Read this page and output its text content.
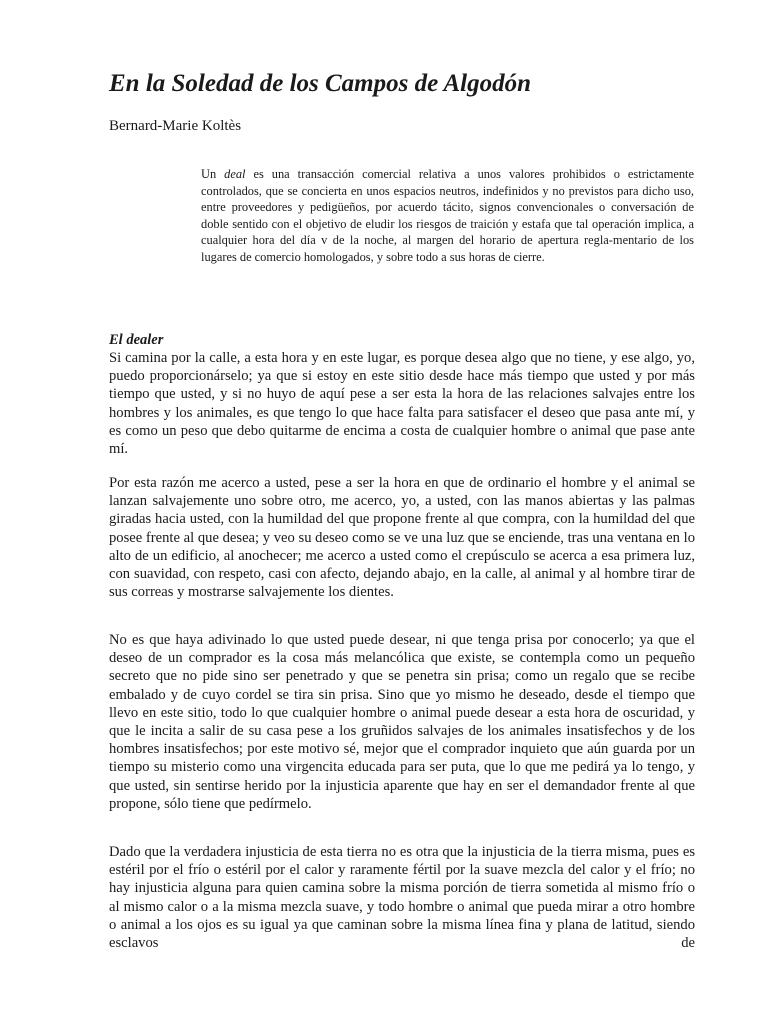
En la Soledad de los Campos de Algodón
Bernard-Marie Koltès

Un deal es una transacción comercial relativa a unos valores prohibidos o estrictamente controlados, que se concierta en unos espacios neutros, indefinidos y no previstos para dicho uso, entre proveedores y pedigüeños, por acuerdo tácito, signos convencionales o conversación de doble sentido con el objetivo de eludir los riesgos de traición y estafa que tal operación implica, a cualquier hora del día v de la noche, al margen del horario de apertura regla-mentario de los lugares de comercio homologados, y sobre todo a sus horas de cierre.

El dealer

Si camina por la calle, a esta hora y en este lugar, es porque desea algo que no tiene, y ese algo, yo, puedo proporcionárselo; ya que si estoy en este sitio desde hace más tiempo que usted y por más tiempo que usted, y si no huyo de aquí pese a ser esta la hora de las relaciones salvajes entre los hombres y los animales, es que tengo lo que hace falta para satisfacer el deseo que pasa ante mí, y es como un peso que debo quitarme de encima a costa de cualquier hombre o animal que pase ante mí.

Por esta razón me acerco a usted, pese a ser la hora en que de ordinario el hombre y el animal se lanzan salvajemente uno sobre otro, me acerco, yo, a usted, con las manos abiertas y las palmas giradas hacia usted, con la humildad del que propone frente al que compra, con la humildad del que posee frente al que desea; y veo su deseo como se ve una luz que se enciende, tras una ventana en lo alto de un edificio, al anochecer; me acerco a usted como el crepúsculo se acerca a esa primera luz, con suavidad, con respeto, casi con afecto, dejando abajo, en la calle, al animal y al hombre tirar de sus correas y mostrarse salvajemente los dientes.

No es que haya adivinado lo que usted puede desear, ni que tenga prisa por conocerlo; ya que el deseo de un comprador es la cosa más melancólica que existe, se contempla como un pequeño secreto que no pide sino ser penetrado y que se penetra sin prisa; como un regalo que se recibe embalado y de cuyo cordel se tira sin prisa. Sino que yo mismo he deseado, desde el tiempo que llevo en este sitio, todo lo que cualquier hombre o animal puede desear a esta hora de oscuridad, y que le incita a salir de su casa pese a los gruñidos salvajes de los animales insatisfechos y de los hombres insatisfechos; por este motivo sé, mejor que el comprador inquieto que aún guarda por un tiempo su misterio como una virgencita educada para ser puta, que lo que me pedirá ya lo tengo, y que usted, sin sentirse herido por la injusticia aparente que hay en ser el demandador frente al que propone, sólo tiene que pedírmelo.

Dado que la verdadera injusticia de esta tierra no es otra que la injusticia de la tierra misma, pues es estéril por el frío o estéril por el calor y raramente fértil por la suave mezcla del calor y el frío; no hay injusticia alguna para quien camina sobre la misma porción de tierra sometida al mismo frío o al mismo calor o a la misma mezcla suave, y todo hombre o animal que pueda mirar a otro hombre o animal a los ojos es su igual ya que caminan sobre la misma línea fina y plana de latitud, siendo esclavos de
